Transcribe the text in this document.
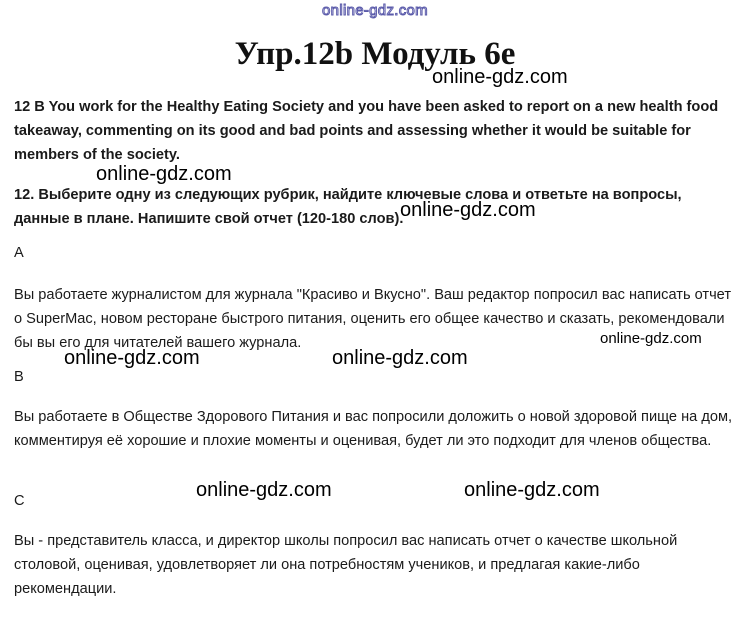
online-gdz.com
Упр.12b Модуль 6e

12 B You work for the Healthy Eating Society and you have been asked to report on a new health food takeaway, commenting on its good and bad points and assessing whether it would be suitable for members of the society.

12. Выберите одну из следующих рубрик, найдите ключевые слова и ответьте на вопросы, данные в плане. Напишите свой отчет (120-180 слов).

A

Вы работаете журналистом для журнала "Красиво и Вкусно". Ваш редактор попросил вас написать отчет о SuperMac, новом ресторане быстрого питания, оценить его общее качество и сказать, рекомендовали бы вы его для читателей вашего журнала.

B

Вы работаете в Обществе Здорового Питания и вас попросили доложить о новой здоровой пище на дом, комментируя её хорошие и плохие моменты и оценивая, будет ли это подходит для членов общества.

C

Вы - представитель класса, и директор школы попросил вас написать отчет о качестве школьной столовой, оценивая, удовлетворяет ли она потребностям учеников, и предлагая какие-либо рекомендации.

online-gdz.com
online-gdz.com
online-gdz.com
online-gdz.com
online-gdz.com	online-gdz.com
online-gdz.com	online-gdz.com
